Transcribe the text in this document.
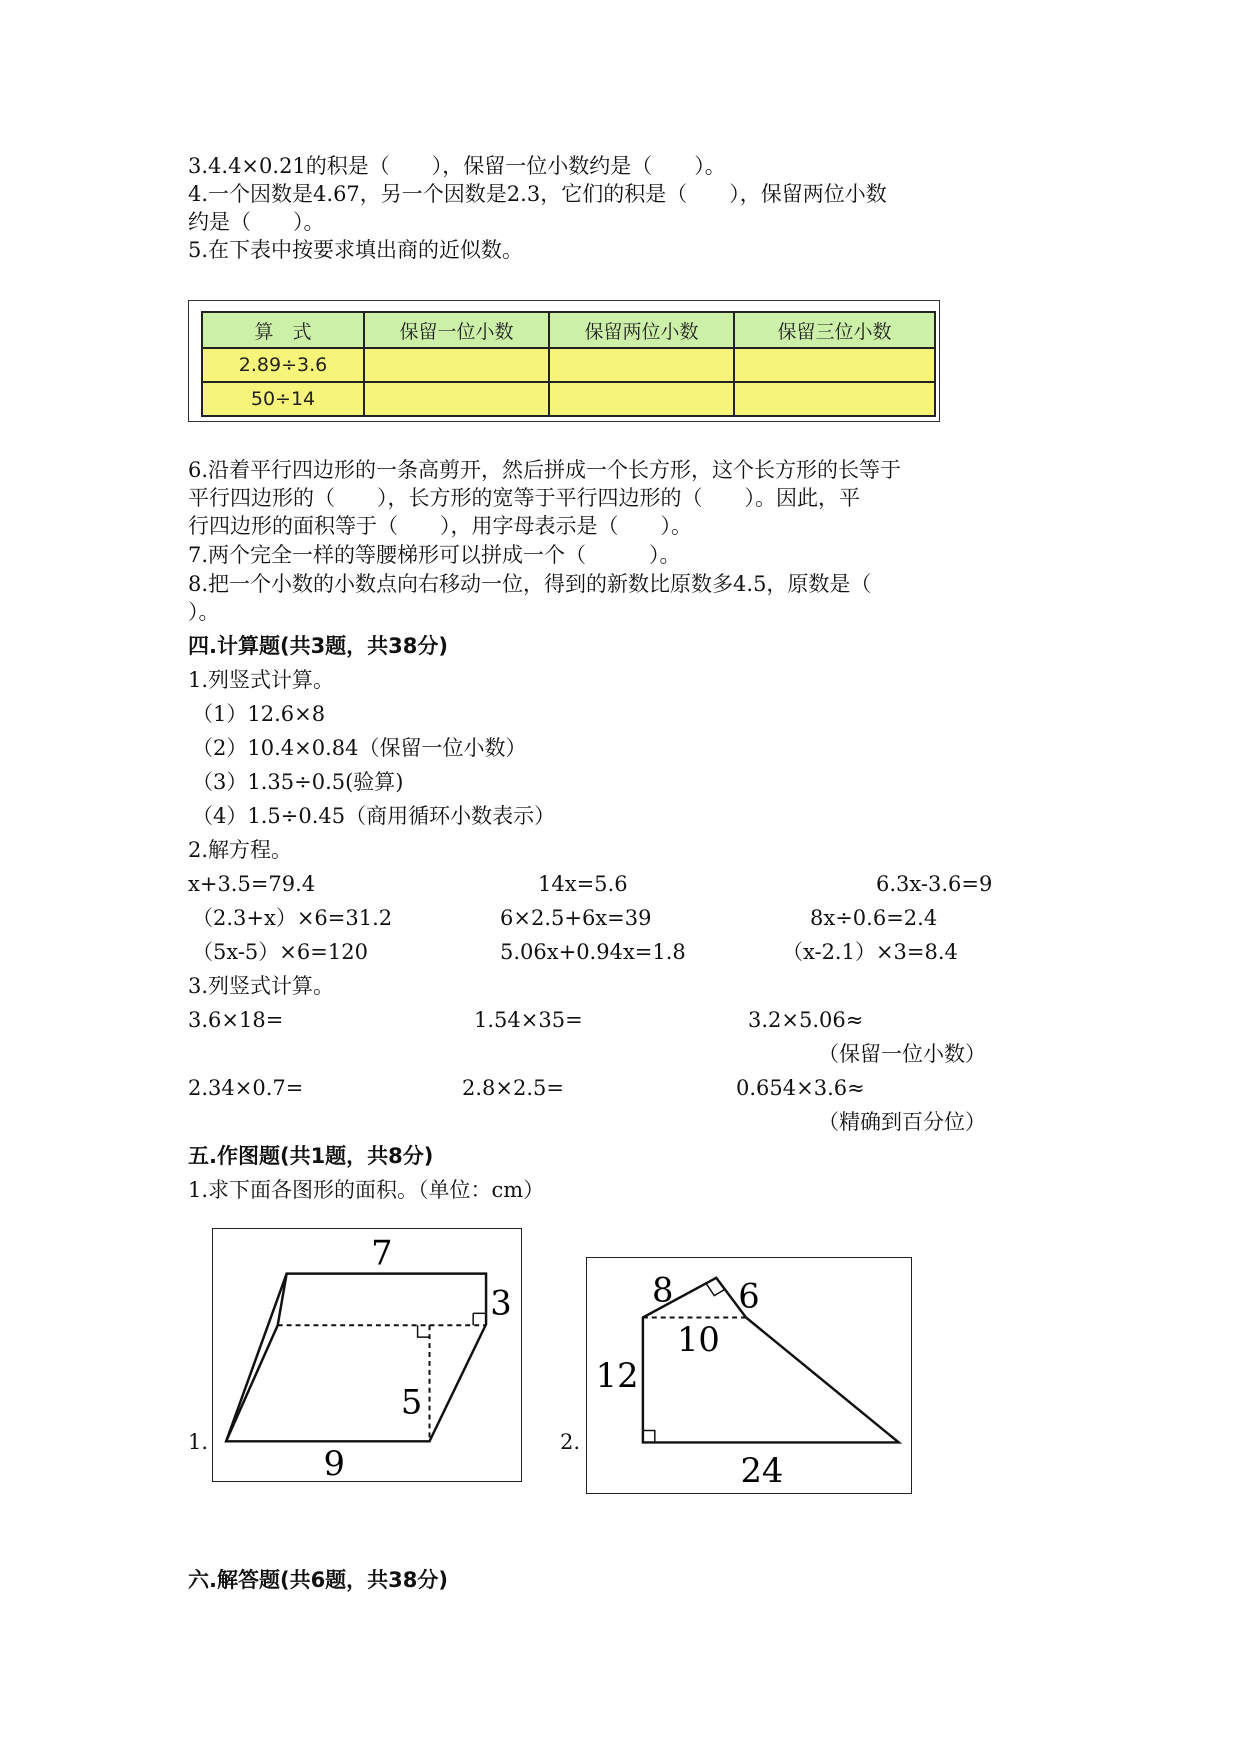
3.4.4×0.21的积是（　　），保留一位小数约是（　　）。

4.一个因数是4.67，另一个因数是2.3，它们的积是（　　），保留两位小数

约是（　　）。

5.在下表中按要求填出商的近似数。

算　式	保留一位小数	保留两位小数	保留三位小数
2.89÷3.6			
50÷14			

6.沿着平行四边形的一条高剪开，然后拼成一个长方形，这个长方形的长等于

平行四边形的（　　），长方形的宽等于平行四边形的（　　）。因此，平

行四边形的面积等于（　　），用字母表示是（　　）。

7.两个完全一样的等腰梯形可以拼成一个（　　　）。

8.把一个小数的小数点向右移动一位，得到的新数比原数多4.5，原数是（

）。

四.计算题(共3题，共38分)

1.列竖式计算。

（1）12.6×8

（2）10.4×0.84（保留一位小数）

（3）1.35÷0.5(验算)

（4）1.5÷0.45（商用循环小数表示）

2.解方程。

x+3.5=79.4	14x=5.6	6.3x-3.6=9

（2.3+x）×6=31.2	6×2.5+6x=39	8x÷0.6=2.4

（5x-5）×6=120	5.06x+0.94x=1.8	（x-2.1）×3=8.4

3.列竖式计算。

3.6×18=	1.54×35=	3.2×5.06≈

（保留一位小数）

2.34×0.7=	2.8×2.5=	0.654×3.6≈

（精确到百分位）

五.作图题(共1题，共8分)

1.求下面各图形的面积。（单位：cm）

1.
7
3
5
9
2.
8 6
10
12
24

六.解答题(共6题，共38分)
